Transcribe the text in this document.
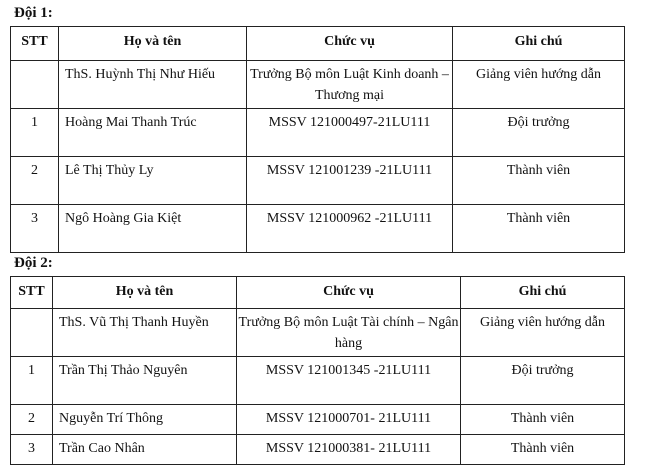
Đội 1:
STT	Họ và tên	Chức vụ	Ghi chú
	ThS. Huỳnh Thị Như Hiếu	Trưởng Bộ môn Luật Kinh doanh – Thương mại	Giảng viên hướng dẫn
1	Hoàng Mai Thanh Trúc	MSSV 121000497-21LU111	Đội trưởng
2	Lê Thị Thủy Ly	MSSV 121001239 -21LU111	Thành viên
3	Ngô Hoàng Gia Kiệt	MSSV 121000962 -21LU111	Thành viên
Đội 2:
STT	Họ và tên	Chức vụ	Ghi chú
	ThS. Vũ Thị Thanh Huyền	Trưởng Bộ môn Luật Tài chính – Ngân hàng	Giảng viên hướng dẫn
1	Trần Thị Thảo Nguyên	MSSV 121001345 -21LU111	Đội trưởng
2	Nguyễn Trí Thông	MSSV 121000701- 21LU111	Thành viên
3	Trần Cao Nhân	MSSV 121000381- 21LU111	Thành viên
